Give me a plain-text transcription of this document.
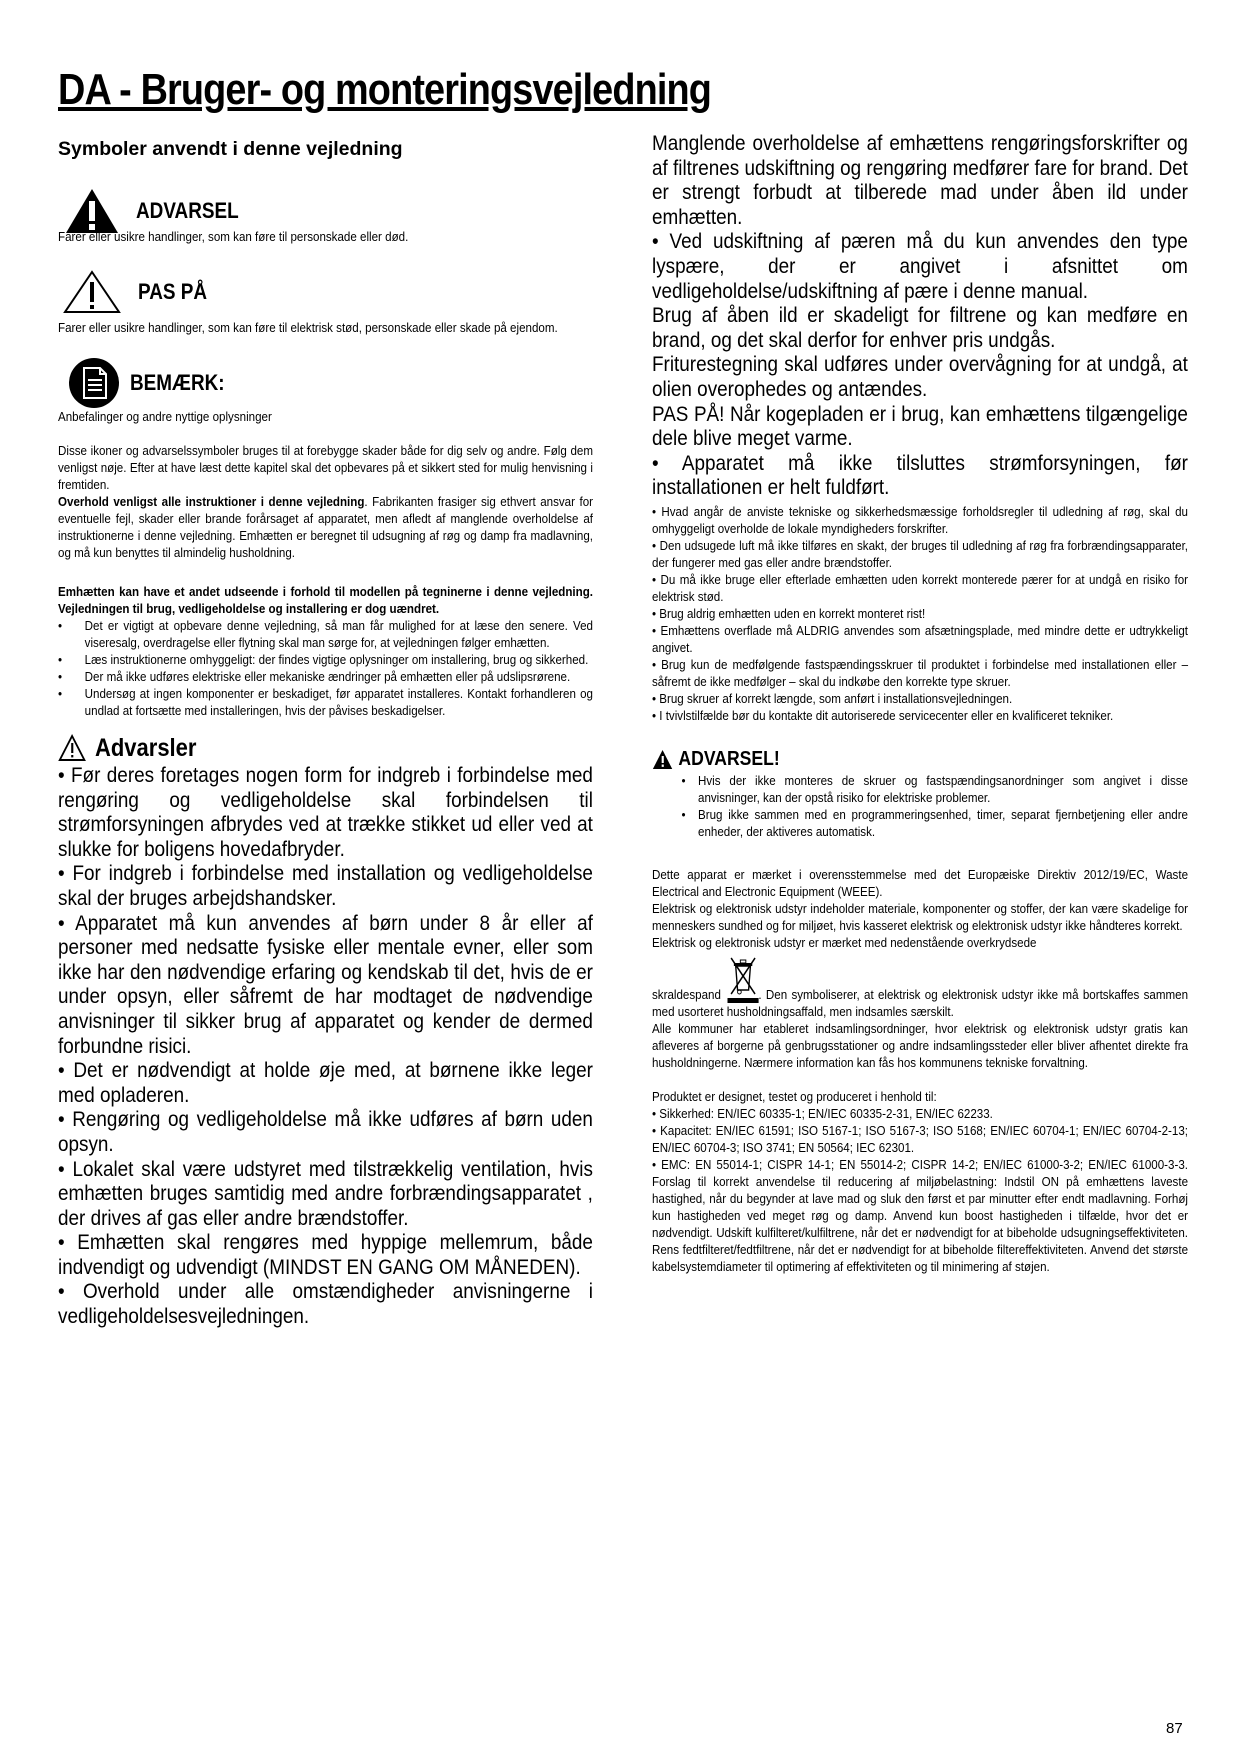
DA - Bruger- og monteringsvejledning
Symboler anvendt i denne vejledning
ADVARSEL

Farer eller usikre handlinger, som kan føre til personskade eller død.

PAS PÅ

Farer eller usikre handlinger, som kan føre til elektrisk stød, personskade eller skade på ejendom.

BEMÆRK:

Anbefalinger og andre nyttige oplysninger

Disse ikoner og advarselssymboler bruges til at forebygge skader både for dig selv og andre. Følg dem venligst nøje. Efter at have læst dette kapitel skal det opbevares på et sikkert sted for mulig henvisning i fremtiden.

Overhold venligst alle instruktioner i denne vejledning. Fabrikanten frasiger sig ethvert ansvar for eventuelle fejl, skader eller brande forårsaget af apparatet, men afledt af manglende overholdelse af instruktionerne i denne vejledning. Emhætten er beregnet til udsugning af røg og damp fra madlavning, og må kun benyttes til almindelig husholdning.

Emhætten kan have et andet udseende i forhold til modellen på tegninerne i denne vejledning. Vejledningen til brug, vedligeholdelse og installering er dog uændret.

• Det er vigtigt at opbevare denne vejledning, så man får mulighed for at læse den senere. Ved viseresalg, overdragelse eller flytning skal man sørge for, at vejledningen følger emhætten.
• Læs instruktionerne omhyggeligt: der findes vigtige oplysninger om installering, brug og sikkerhed.
• Der må ikke udføres elektriske eller mekaniske ændringer på emhætten eller på udslipsrørene.
• Undersøg at ingen komponenter er beskadiget, før apparatet installeres. Kontakt forhandleren og undlad at fortsætte med installeringen, hvis der påvises beskadigelser.
Advarsler

• Før deres foretages nogen form for indgreb i forbindelse med rengøring og vedligeholdelse skal forbindelsen til strømforsyningen afbrydes ved at trække stikket ud eller ved at slukke for boligens hovedafbryder.

• For indgreb i forbindelse med installation og vedligeholdelse skal der bruges arbejdshandsker.

• Apparatet må kun anvendes af børn under 8 år eller af personer med nedsatte fysiske eller mentale evner, eller som ikke har den nødvendige erfaring og kendskab til det, hvis de er under opsyn, eller såfremt de har modtaget de nødvendige anvisninger til sikker brug af apparatet og kender de dermed forbundne risici.

• Det er nødvendigt at holde øje med, at børnene ikke leger med opladeren.

• Rengøring og vedligeholdelse må ikke udføres af børn uden opsyn.

• Lokalet skal være udstyret med tilstrækkelig ventilation, hvis emhætten bruges samtidig med andre forbrændingsapparatet , der drives af gas eller andre brændstoffer.

• Emhætten skal rengøres med hyppige mellemrum, både indvendigt og udvendigt (MINDST EN GANG OM MÅNEDEN).

• Overhold under alle omstændigheder anvisningerne i vedligeholdelsesvejledningen.

Manglende overholdelse af emhættens rengøringsforskrifter og af filtrenes udskiftning og rengøring medfører fare for brand. Det er strengt forbudt at tilberede mad under åben ild under emhætten.

• Ved udskiftning af pæren må du kun anvendes den type lyspære, der er angivet i afsnittet om vedligeholdelse/udskiftning af pære i denne manual.

Brug af åben ild er skadeligt for filtrene og kan medføre en brand, og det skal derfor for enhver pris undgås.

Friturestegning skal udføres under overvågning for at undgå, at olien overophedes og antændes.

PAS PÅ! Når kogepladen er i brug, kan emhættens tilgængelige dele blive meget varme.

• Apparatet må ikke tilsluttes strømforsyningen, før installationen er helt fuldført.

• Hvad angår de anviste tekniske og sikkerhedsmæssige forholdsregler til udledning af røg, skal du omhyggeligt overholde de lokale myndigheders forskrifter.

• Den udsugede luft må ikke tilføres en skakt, der bruges til udledning af røg fra forbrændingsapparater, der fungerer med gas eller andre brændstoffer.

• Du må ikke bruge eller efterlade emhætten uden korrekt monterede pærer for at undgå en risiko for elektrisk stød.

• Brug aldrig emhætten uden en korrekt monteret rist!

• Emhættens overflade må ALDRIG anvendes som afsætningsplade, med mindre dette er udtrykkeligt angivet.

• Brug kun de medfølgende fastspændingsskruer til produktet i forbindelse med installationen eller – såfremt de ikke medfølger – skal du indkøbe den korrekte type skruer.

• Brug skruer af korrekt længde, som anført i installationsvejledningen.

• I tvivlstilfælde bør du kontakte dit autoriserede servicecenter eller en kvalificeret tekniker.

ADVARSEL!
• Hvis der ikke monteres de skruer og fastspændingsanordninger som angivet i disse anvisninger, kan der opstå risiko for elektriske problemer.
• Brug ikke sammen med en programmeringsenhed, timer, separat fjernbetjening eller andre enheder, der aktiveres automatisk.

Dette apparat er mærket i overensstemmelse med det Europæiske Direktiv 2012/19/EC, Waste Electrical and Electronic Equipment (WEEE).

Elektrisk og elektronisk udstyr indeholder materiale, komponenter og stoffer, der kan være skadelige for menneskers sundhed og for miljøet, hvis kasseret elektrisk og elektronisk udstyr ikke håndteres korrekt.

Elektrisk og elektronisk udstyr er mærket med nedenstående overkrydsede

skraldespand	. Den symboliserer, at elektrisk og elektronisk udstyr ikke må bortskaffes sammen med usorteret husholdningsaffald, men indsamles særskilt.

Alle kommuner har etableret indsamlingsordninger, hvor elektrisk og elektronisk udstyr gratis kan afleveres af borgerne på genbrugsstationer og andre indsamlingssteder eller bliver afhentet direkte fra husholdningerne. Nærmere information kan fås hos kommunens tekniske forvaltning.

Produktet er designet, testet og produceret i henhold til:

• Sikkerhed: EN/IEC 60335-1; EN/IEC 60335-2-31, EN/IEC 62233.

• Kapacitet: EN/IEC 61591; ISO 5167-1; ISO 5167-3; ISO 5168; EN/IEC 60704-1; EN/IEC 60704-2-13; EN/IEC 60704-3; ISO 3741; EN 50564; IEC 62301.

• EMC: EN 55014-1; CISPR 14-1; EN 55014-2; CISPR 14-2; EN/IEC 61000-3-2; EN/IEC 61000-3-3. Forslag til korrekt anvendelse til reducering af miljøbelastning: Indstil ON på emhættens laveste hastighed, når du begynder at lave mad og sluk den først et par minutter efter endt madlavning. Forhøj kun hastigheden ved meget røg og damp. Anvend kun boost hastigheden i tilfælde, hvor det er nødvendigt. Udskift kulfilteret/kulfiltrene, når det er nødvendigt for at bibeholde udsugningseffektiviteten. Rens fedtfilteret/fedtfiltrene, når det er nødvendigt for at bibeholde filtereffektiviteten. Anvend det største kabelsystemdiameter til optimering af effektiviteten og til minimering af støjen.

87
